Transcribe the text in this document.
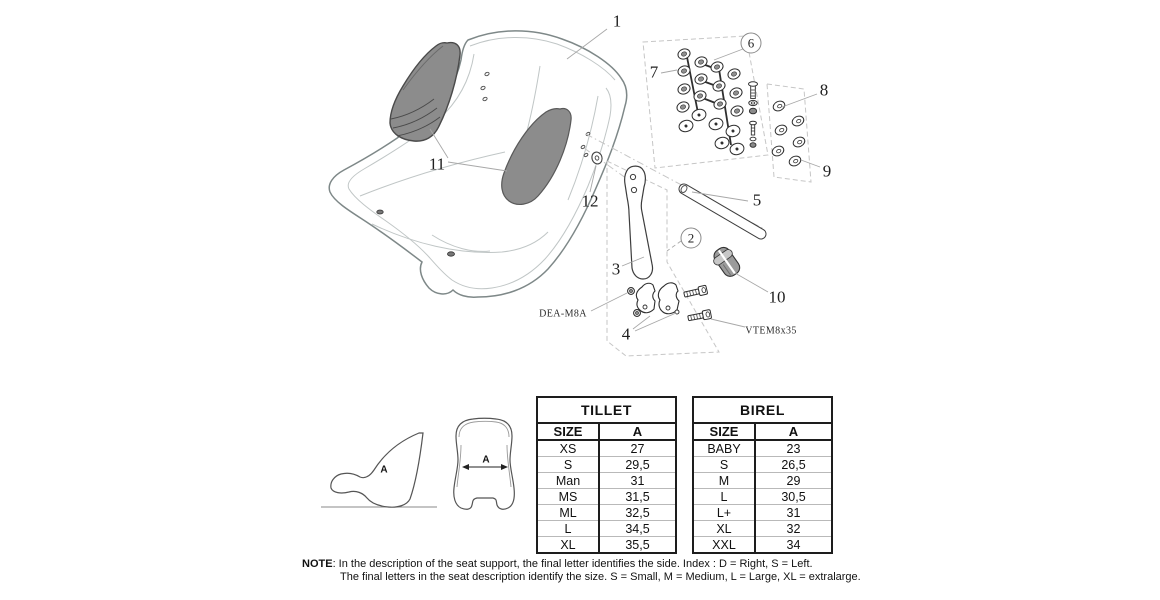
1
2
3
4
5
6
7
8
9
10
11
12
DEA-M8A
VTEM8x35
A
A
TILLET	
SIZE	A
XS	27
S	29,5
Man	31
MS	31,5
ML	32,5
L	34,5
XL	35,5
BIREL	
SIZE	A
BABY	23
S	26,5
M	29
L	30,5
L+	31
XL	32
XXL	34
NOTE: In the description of the seat support, the final letter identifies the side. Index : D = Right, S = Left.
The final letters in the seat description identify the size. S = Small, M = Medium, L = Large, XL = extralarge.
